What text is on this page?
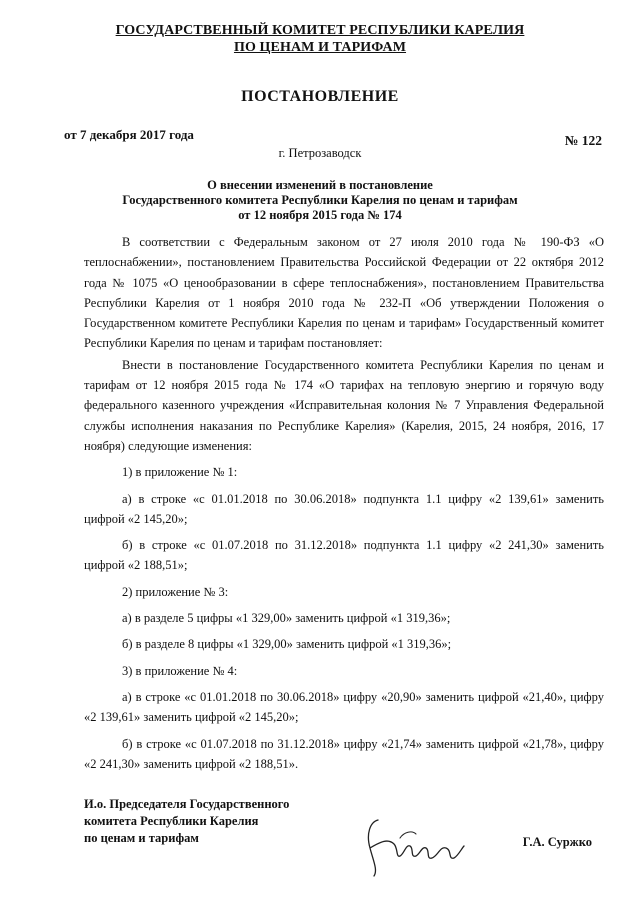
ГОСУДАРСТВЕННЫЙ КОМИТЕТ РЕСПУБЛИКИ КАРЕЛИЯ
ПО ЦЕНАМ И ТАРИФАМ
ПОСТАНОВЛЕНИЕ
от 7 декабря 2017 года	№ 122
г. Петрозаводск
О внесении изменений в постановление
Государственного комитета Республики Карелия по ценам и тарифам
от 12 ноября 2015 года № 174

В соответствии с Федеральным законом от 27 июля 2010 года № 190-ФЗ «О теплоснабжении», постановлением Правительства Российской Федерации от 22 октября 2012 года № 1075 «О ценообразовании в сфере теплоснабжения», постановлением Правительства Республики Карелия от 1 ноября 2010 года № 232-П «Об утверждении Положения о Государственном комитете Республики Карелия по ценам и тарифам» Государственный комитет Республики Карелия по ценам и тарифам постановляет:

Внести в постановление Государственного комитета Республики Карелия по ценам и тарифам от 12 ноября 2015 года № 174 «О тарифах на тепловую энергию и горячую воду федерального казенного учреждения «Исправительная колония № 7 Управления Федеральной службы исполнения наказания по Республике Карелия» (Карелия, 2015, 24 ноября, 2016, 17 ноября) следующие изменения:

1) в приложение № 1:

а) в строке «с 01.01.2018 по 30.06.2018» подпункта 1.1 цифру «2 139,61» заменить цифрой «2 145,20»;

б) в строке «с 01.07.2018 по 31.12.2018» подпункта 1.1 цифру «2 241,30» заменить цифрой «2 188,51»;

2) приложение № 3:

а) в разделе 5 цифры «1 329,00» заменить цифрой «1 319,36»;

б) в разделе 8 цифры «1 329,00» заменить цифрой «1 319,36»;

3) в приложение № 4:

а) в строке «с 01.01.2018 по 30.06.2018» цифру «20,90» заменить цифрой «21,40», цифру «2 139,61» заменить цифрой «2 145,20»;

б) в строке «с 01.07.2018 по 31.12.2018» цифру «21,74» заменить цифрой «21,78», цифру «2 241,30» заменить цифрой «2 188,51».

И.о. Председателя Государственного
комитета Республики Карелия
по ценам и тарифам	Г.А. Суржко
